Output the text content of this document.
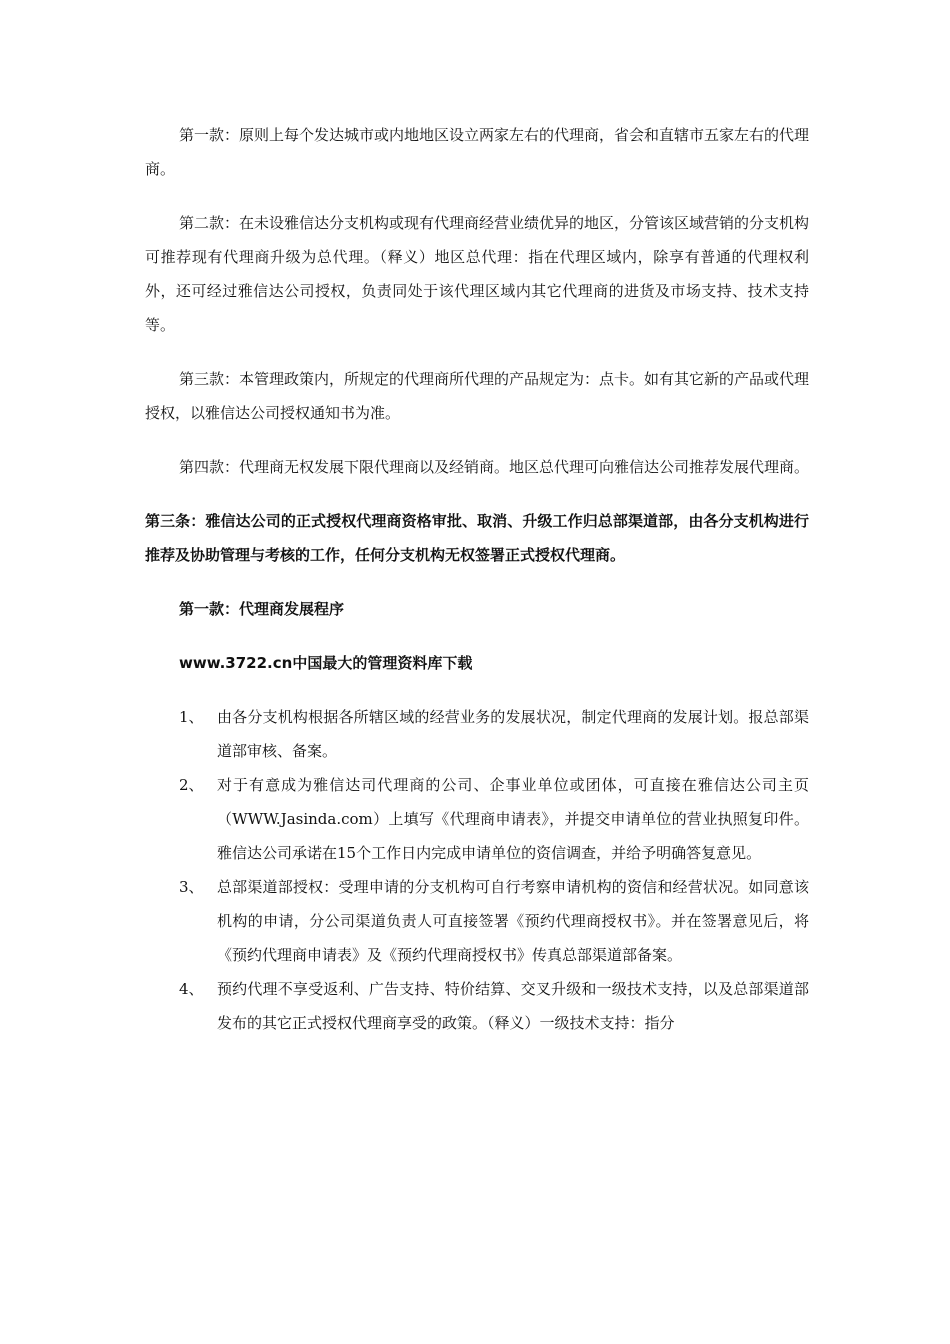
第一款：原则上每个发达城市或内地地区设立两家左右的代理商，省会和直辖市五家左右的代理商。

第二款：在未设雅信达分支机构或现有代理商经营业绩优异的地区，分管该区域营销的分支机构可推荐现有代理商升级为总代理。（释义）地区总代理：指在代理区域内，除享有普通的代理权利外，还可经过雅信达公司授权，负责同处于该代理区域内其它代理商的进货及市场支持、技术支持等。

第三款：本管理政策内，所规定的代理商所代理的产品规定为：点卡。如有其它新的产品或代理授权，以雅信达公司授权通知书为准。

第四款：代理商无权发展下限代理商以及经销商。地区总代理可向雅信达公司推荐发展代理商。

第三条：雅信达公司的正式授权代理商资格审批、取消、升级工作归总部渠道部，由各分支机构进行推荐及协助管理与考核的工作，任何分支机构无权签署正式授权代理商。

第一款：代理商发展程序

www.3722.cn中国最大的管理资料库下载

1、 由各分支机构根据各所辖区域的经营业务的发展状况，制定代理商的发展计划。报总部渠道部审核、备案。
2、 对于有意成为雅信达司代理商的公司、企事业单位或团体，可直接在雅信达公司主页（WWW.Jasinda.com）上填写《代理商申请表》，并提交申请单位的营业执照复印件。雅信达公司承诺在15个工作日内完成申请单位的资信调查，并给予明确答复意见。
3、 总部渠道部授权：受理申请的分支机构可自行考察申请机构的资信和经营状况。如同意该机构的申请，分公司渠道负责人可直接签署《预约代理商授权书》。并在签署意见后，将《预约代理商申请表》及《预约代理商授权书》传真总部渠道部备案。
4、 预约代理不享受返利、广告支持、特价结算、交叉升级和一级技术支持，以及总部渠道部发布的其它正式授权代理商享受的政策。（释义）一级技术支持：指分
